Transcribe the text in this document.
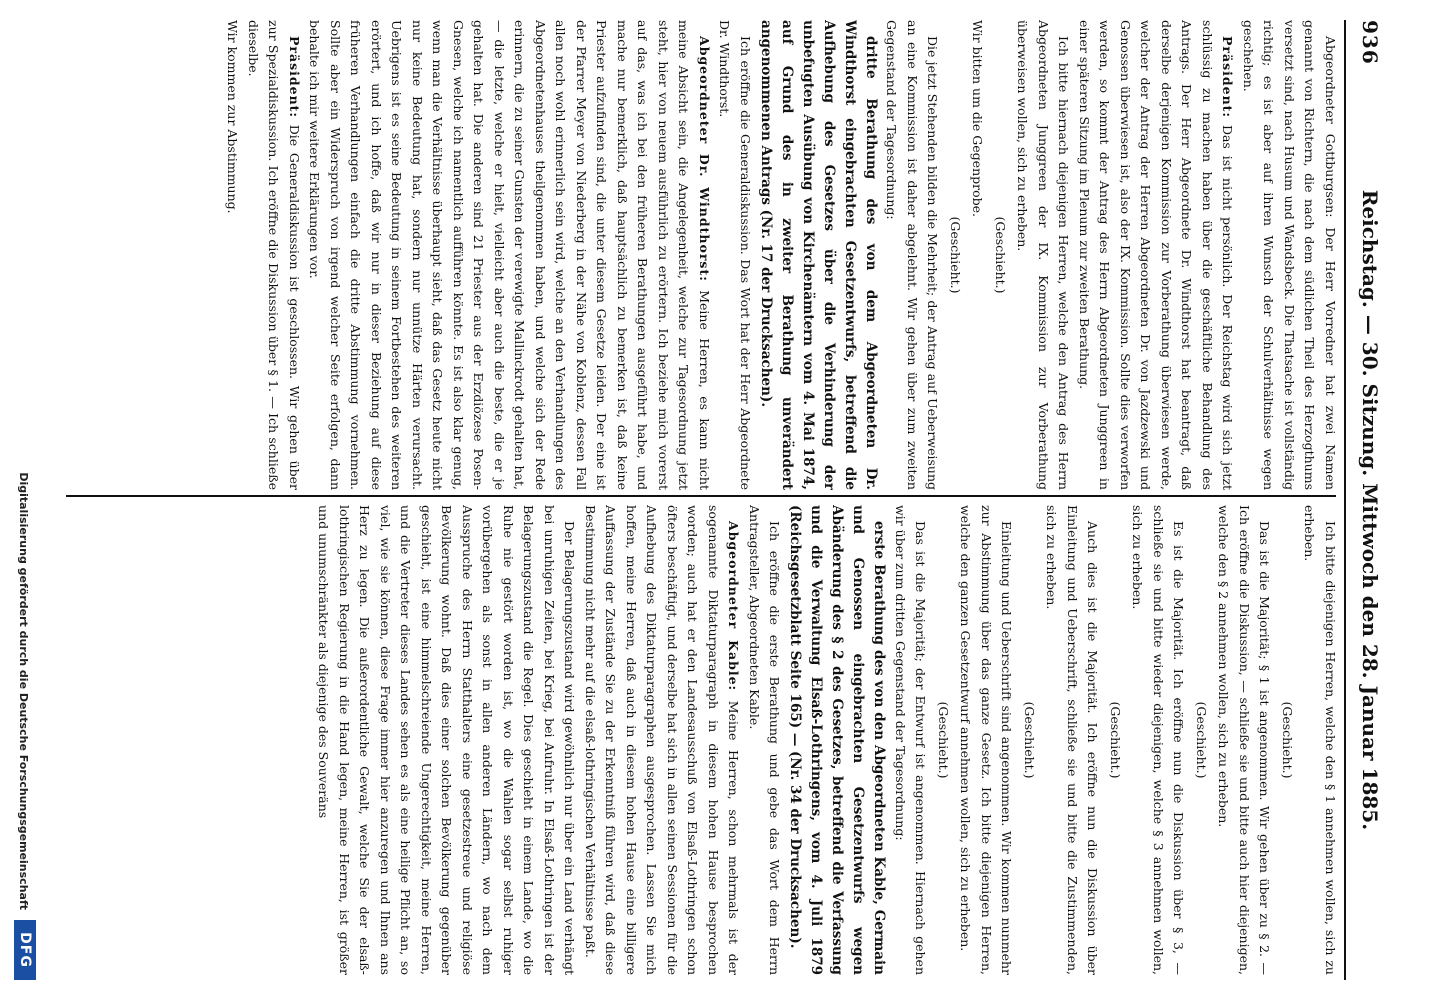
936
Reichstag. — 30. Sitzung. Mittwoch den 28. Januar 1885.

Abgeordneter Gottburgsen: Der Herr Vorredner hat zwei Namen genannt von Richtern, die nach dem südlichen Theil des Herzogthums versetzt sind, nach Husum und Wandsbeck. Die Thatsache ist vollständig richtig; es ist aber auf ihren Wunsch der Schulverhältnisse wegen geschehen.

Präsident: Das ist nicht persönlich. Der Reichstag wird sich jetzt schlüssig zu machen haben über die geschäftliche Behandlung des Antrags. Der Herr Abgeordnete Dr. Windthorst hat beantragt, daß derselbe derjenigen Kommission zur Vorberathung überwiesen werde, welcher der Antrag der Herren Abgeordneten Dr. von Jazdzewski und Genossen überwiesen ist, also der IX. Kommission. Sollte dies verworfen werden, so kommt der Antrag des Herrn Abgeordneten Junggreen in einer späteren Sitzung im Plenum zur zweiten Berathung.

Ich bitte hiernach diejenigen Herren, welche den Antrag des Herrn Abgeordneten Junggreen der IX. Kommission zur Vorberathung überweisen wollen, sich zu erheben.

(Geschieht.)

Wir bitten um die Gegenprobe.

(Geschieht.)

Die jetzt Stehenden bilden die Mehrheit; der Antrag auf Ueberweisung an eine Kommission ist daher abgelehnt. Wir gehen über zum zweiten Gegenstand der Tagesordnung:

dritte Berathung des von dem Abgeordneten Dr. Windthorst eingebrachten Gesetzentwurfs, betreffend die Aufhebung des Gesetzes über die Verhinderung der unbefugten Ausübung von Kirchenämtern vom 4. Mai 1874, auf Grund des in zweiter Berathung unverändert angenommenen Antrags (Nr. 17 der Drucksachen).

Ich eröffne die Generaldiskussion. Das Wort hat der Herr Abgeordnete Dr. Windthorst.

Abgeordneter Dr. Windthorst: Meine Herren, es kann nicht meine Absicht sein, die Angelegenheit, welche zur Tagesordnung jetzt steht, hier von neuem ausführlich zu erörtern. Ich beziehe mich vorerst auf das, was ich bei den früheren Berathungen ausgeführt habe, und mache nur bemerklich, daß hauptsächlich zu bemerken ist, daß keine Priester aufzufinden sind, die unter diesem Gesetze leiden. Der eine ist der Pfarrer Meyer von Niederberg in der Nähe von Koblenz, dessen Fall allen noch wohl erinnerlich sein wird, welche an den Verhandlungen des Abgeordnetenhauses theilgenommen haben, und welche sich der Rede erinnern, die zu seiner Gunsten der verewigte Mallinckrodt gehalten hat, — die letzte, welche er hielt, vielleicht aber auch die beste, die er je gehalten hat. Die anderen sind 21 Priester aus der Erzdiözese Posen-Gnesen, welche ich namentlich aufführen könnte. Es ist also klar genug, wenn man die Verhältnisse überhaupt sieht, daß das Gesetz heute nicht nur keine Bedeutung hat, sondern nur unnütze Härten verursacht. Uebrigens ist es seine Bedeutung in seinem Fortbestehen des weiteren erörtert, und ich hoffe, daß wir nur in dieser Beziehung auf diese früheren Verhandlungen einfach die dritte Abstimmung vornehmen. Sollte aber ein Widerspruch von irgend welcher Seite erfolgen, dann behalte ich mir weitere Erklärungen vor.

Präsident: Die Generaldiskussion ist geschlossen. Wir gehen über zur Spezialdiskussion. Ich eröffne die Diskussion über § 1. — Ich schließe dieselbe.

Wir kommen zur Abstimmung.

Ich bitte diejenigen Herren, welche den § 1 annehmen wollen, sich zu erheben.

(Geschieht.)

Das ist die Majorität; § 1 ist angenommen. Wir gehen über zu § 2. — Ich eröffne die Diskussion, — schließe sie und bitte auch hier diejenigen, welche den § 2 annehmen wollen, sich zu erheben.

(Geschieht.)

Es ist die Majorität. Ich eröffne nun die Diskussion über § 3, — schließe sie und bitte wieder diejenigen, welche § 3 annehmen wollen, sich zu erheben.

(Geschieht.)

Auch dies ist die Majorität. Ich eröffne nun die Diskussion über Einleitung und Ueberschrift, schließe sie und bitte die Zustimmenden, sich zu erheben.

(Geschieht.)

Einleitung und Ueberschrift sind angenommen. Wir kommen nunmehr zur Abstimmung über das ganze Gesetz. Ich bitte diejenigen Herren, welche den ganzen Gesetzentwurf annehmen wollen, sich zu erheben.

(Geschieht.)

Das ist die Majorität; der Entwurf ist angenommen. Hiernach gehen wir über zum dritten Gegenstand der Tagesordnung:

erste Berathung des von den Abgeordneten Kable, Germain und Genossen eingebrachten Gesetzentwurfs wegen Abänderung des § 2 des Gesetzes, betreffend die Verfassung und die Verwaltung Elsaß-Lothringens, vom 4. Juli 1879 (Reichsgesetzblatt Seite 165) — (Nr. 34 der Drucksachen).

Ich eröffne die erste Berathung und gebe das Wort dem Herrn Antragsteller, Abgeordneten Kable.

Abgeordneter Kable: Meine Herren, schon mehrmals ist der sogenannte Diktaturparagraph in diesem hohen Hause besprochen worden; auch hat er den Landesausschuß von Elsaß-Lothringen schon öfters beschäftigt, und derselbe hat sich in allen seinen Sessionen für die Aufhebung des Diktaturparagraphen ausgesprochen. Lassen Sie mich hoffen, meine Herren, daß auch in diesem hohen Hause eine billigere Auffassung der Zustände Sie zu der Erkenntniß führen wird, daß diese Bestimmung nicht mehr auf die elsaß-lothringischen Verhältnisse paßt.

Der Belagerungszustand wird gewöhnlich nur über ein Land verhängt bei unruhigen Zeiten, bei Krieg, bei Aufruhr. In Elsaß-Lothringen ist der Belagerungszustand die Regel. Dies geschieht in einem Lande, wo die Ruhe nie gestört worden ist, wo die Wahlen sogar selbst ruhiger vorübergehen als sonst in allen anderen Ländern, wo nach dem Ausspruche des Herrn Statthalters eine gesetzestreue und religiöse Bevölkerung wohnt. Daß dies einer solchen Bevölkerung gegenüber geschieht, ist eine himmelschreiende Ungerechtigkeit, meine Herren, und die Vertreter dieses Landes sehen es als eine heilige Pflicht an, so viel, wie sie können, diese Frage immer hier anzuregen und Ihnen ans Herz zu legen. Die außerordentliche Gewalt, welche Sie der elsaß-lothringischen Regierung in die Hand legen, meine Herren, ist größer und unumschränkter als diejenige des Souveräns

Digitalisierung gefördert durch die Deutsche Forschungsgemeinschaft
DFG
